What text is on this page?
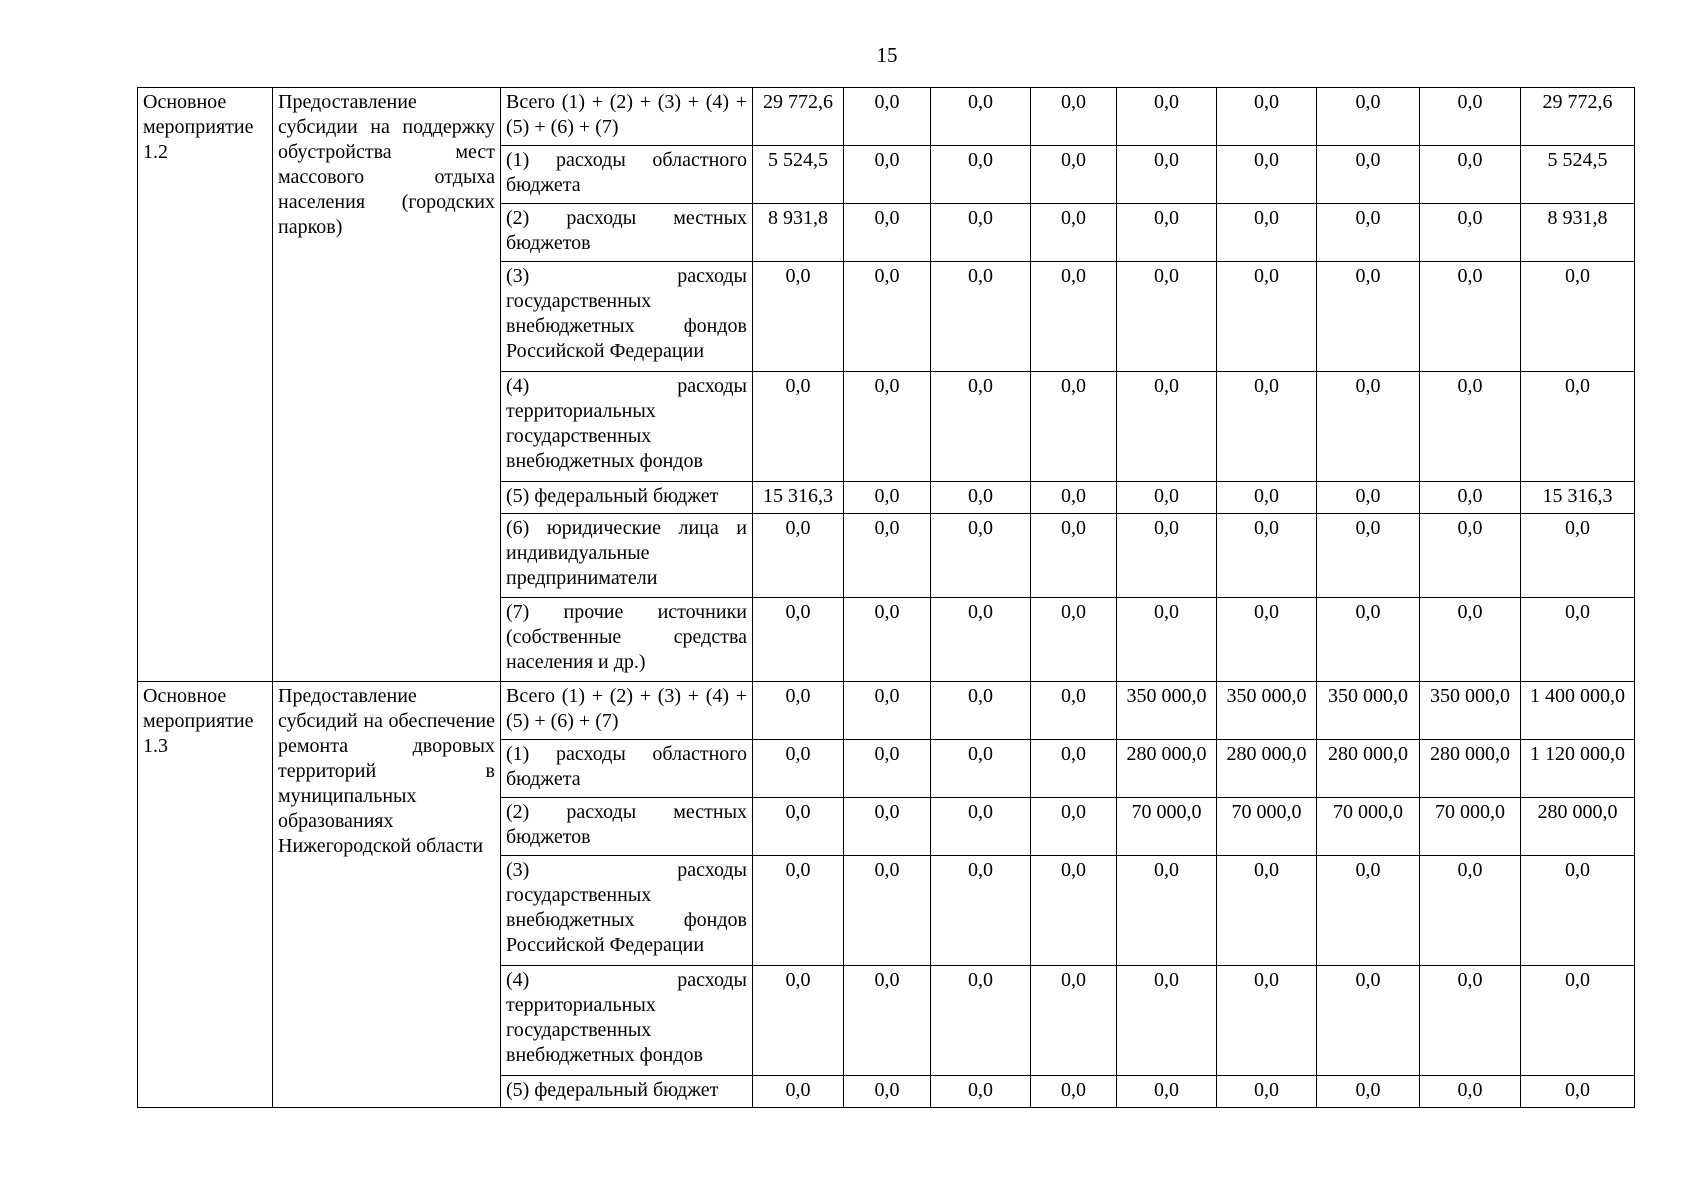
15
Основное мероприятие 1.2	Предоставление субсидии на поддержку обустройства мест массового отдыха населения (городских парков)	Всего (1) + (2) + (3) + (4) + (5) + (6) + (7)	29 772,6	0,0	0,0	0,0	0,0	0,0	0,0	0,0	29 772,6
		(1) расходы областного бюджета	5 524,5	0,0	0,0	0,0	0,0	0,0	0,0	0,0	5 524,5
		(2) расходы местных бюджетов	8 931,8	0,0	0,0	0,0	0,0	0,0	0,0	0,0	8 931,8
		(3) расходы государственных внебюджетных фондов Российской Федерации	0,0	0,0	0,0	0,0	0,0	0,0	0,0	0,0	0,0
		(4) расходы территориальных государственных внебюджетных фондов	0,0	0,0	0,0	0,0	0,0	0,0	0,0	0,0	0,0
		(5) федеральный бюджет	15 316,3	0,0	0,0	0,0	0,0	0,0	0,0	0,0	15 316,3
		(6) юридические лица и индивидуальные предприниматели	0,0	0,0	0,0	0,0	0,0	0,0	0,0	0,0	0,0
		(7) прочие источники (собственные средства населения и др.)	0,0	0,0	0,0	0,0	0,0	0,0	0,0	0,0	0,0
Основное мероприятие 1.3	Предоставление субсидий на обеспечение ремонта дворовых территорий в муниципальных образованиях Нижегородской области	Всего (1) + (2) + (3) + (4) + (5) + (6) + (7)	0,0	0,0	0,0	0,0	350 000,0	350 000,0	350 000,0	350 000,0	1 400 000,0
		(1) расходы областного бюджета	0,0	0,0	0,0	0,0	280 000,0	280 000,0	280 000,0	280 000,0	1 120 000,0
		(2) расходы местных бюджетов	0,0	0,0	0,0	0,0	70 000,0	70 000,0	70 000,0	70 000,0	280 000,0
		(3) расходы государственных внебюджетных фондов Российской Федерации	0,0	0,0	0,0	0,0	0,0	0,0	0,0	0,0	0,0
		(4) расходы территориальных государственных внебюджетных фондов	0,0	0,0	0,0	0,0	0,0	0,0	0,0	0,0	0,0
		(5) федеральный бюджет	0,0	0,0	0,0	0,0	0,0	0,0	0,0	0,0	0,0
